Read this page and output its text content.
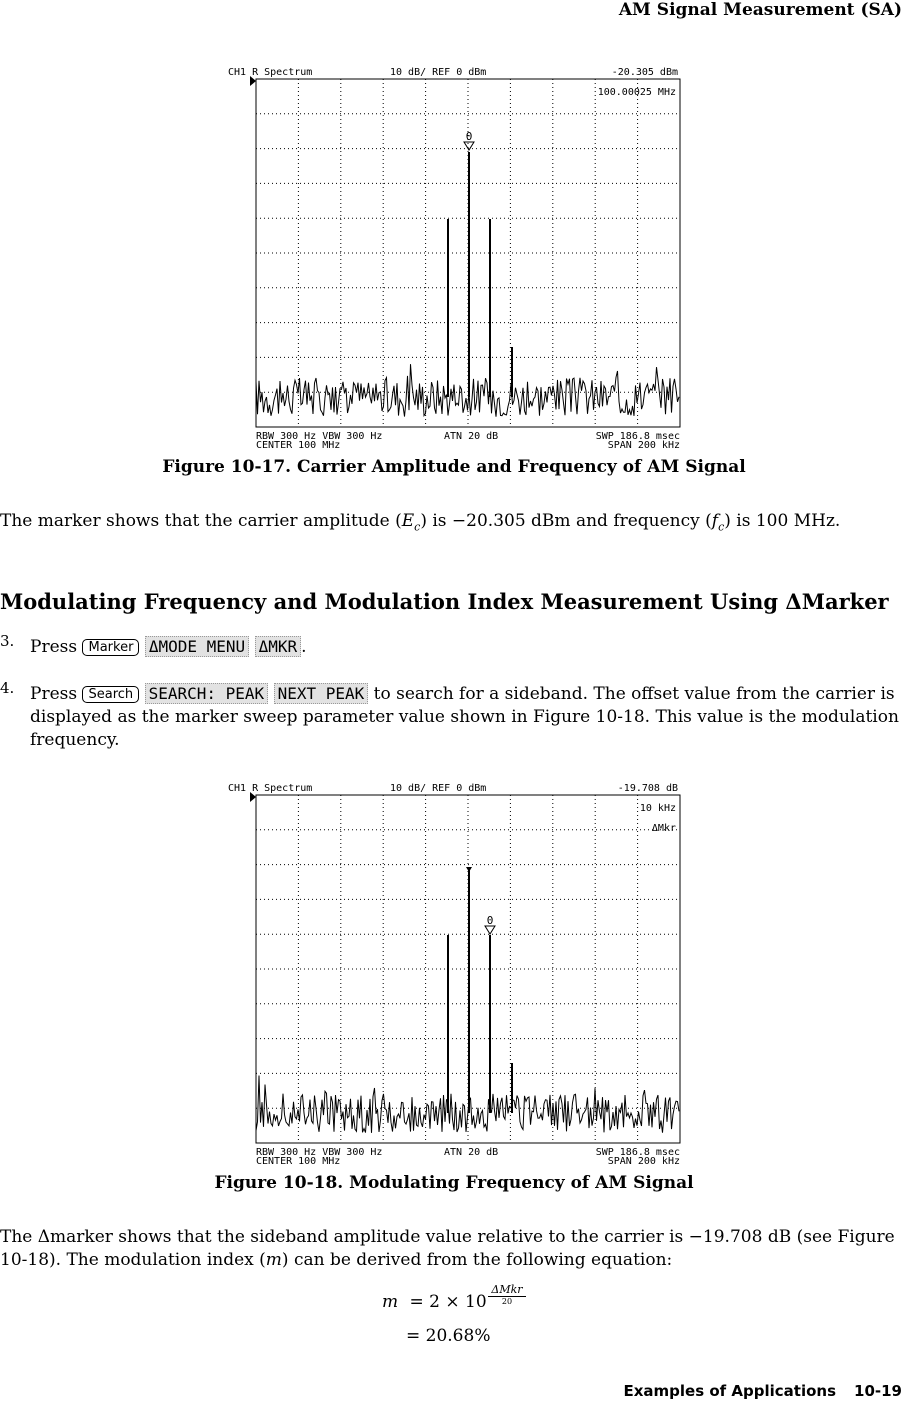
AM Signal Measurement (SA)
CH1 R Spectrum	10 dB/ REF 0 dBm	-20.305 dBm
100.00025 MHz
0
RBW 300 Hz VBW 300 Hz	ATN 20 dB	SWP 186.8 msec
CENTER 100 MHz	SPAN 200 kHz
Figure 10-17. Carrier Amplitude and Frequency of AM Signal
The marker shows that the carrier amplitude $(E_c)$ is −20.305 dBm and frequency $(f_c)$ is 100 MHz.
Modulating Frequency and Modulation Index Measurement Using ΔMarker
3. Press Marker ΔMODE MENU ΔMKR .
4. Press Search SEARCH: PEAK NEXT PEAK to search for a sideband. The offset value from the carrier is displayed as the marker sweep parameter value shown in Figure 10-18. This value is the modulation frequency.
CH1 R Spectrum	10 dB/ REF 0 dBm	-19.708 dB
10 kHz
ΔMkr
0
RBW 300 Hz VBW 300 Hz	ATN 20 dB	SWP 186.8 msec
CENTER 100 MHz	SPAN 200 kHz
Figure 10-18. Modulating Frequency of AM Signal
The Δmarker shows that the sideband amplitude value relative to the carrier is −19.708 dB (see Figure 10-18). The modulation index (m) can be derived from the following equation:
m = 2 × 10
ΔMkr
20
= 20.68%
Examples of Applications 10-19
